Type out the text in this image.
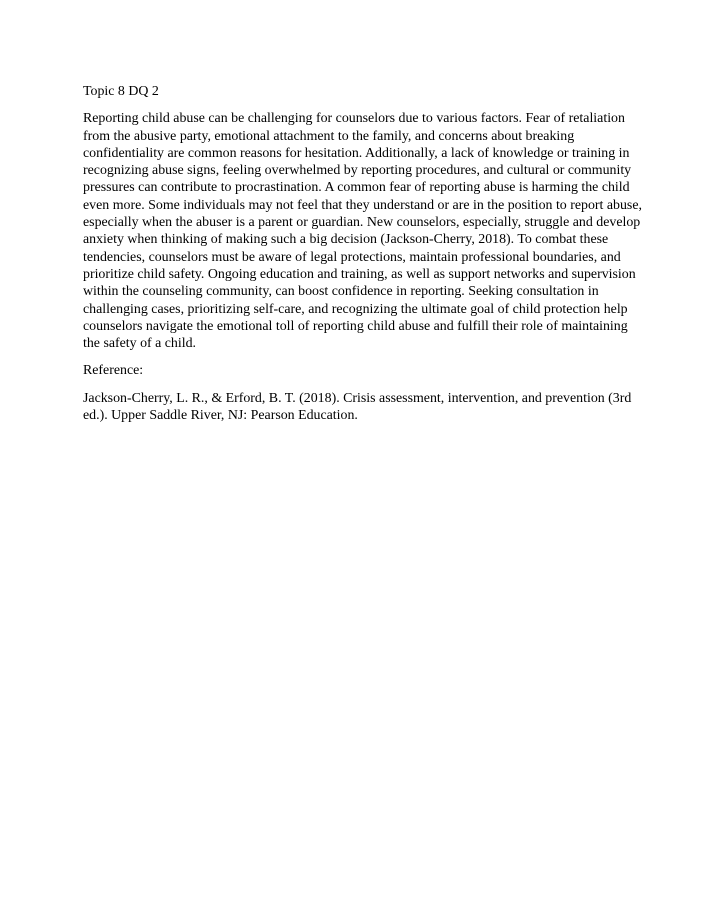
Topic 8 DQ 2

Reporting child abuse can be challenging for counselors due to various factors. Fear of retaliation from the abusive party, emotional attachment to the family, and concerns about breaking confidentiality are common reasons for hesitation. Additionally, a lack of knowledge or training in recognizing abuse signs, feeling overwhelmed by reporting procedures, and cultural or community pressures can contribute to procrastination. A common fear of reporting abuse is harming the child even more. Some individuals may not feel that they understand or are in the position to report abuse, especially when the abuser is a parent or guardian. New counselors, especially, struggle and develop anxiety when thinking of making such a big decision (Jackson-Cherry, 2018). To combat these tendencies, counselors must be aware of legal protections, maintain professional boundaries, and prioritize child safety. Ongoing education and training, as well as support networks and supervision within the counseling community, can boost confidence in reporting. Seeking consultation in challenging cases, prioritizing self-care, and recognizing the ultimate goal of child protection help counselors navigate the emotional toll of reporting child abuse and fulfill their role of maintaining the safety of a child.

Reference:

Jackson-Cherry, L. R., & Erford, B. T. (2018). Crisis assessment, intervention, and prevention (3rd ed.). Upper Saddle River, NJ: Pearson Education.
